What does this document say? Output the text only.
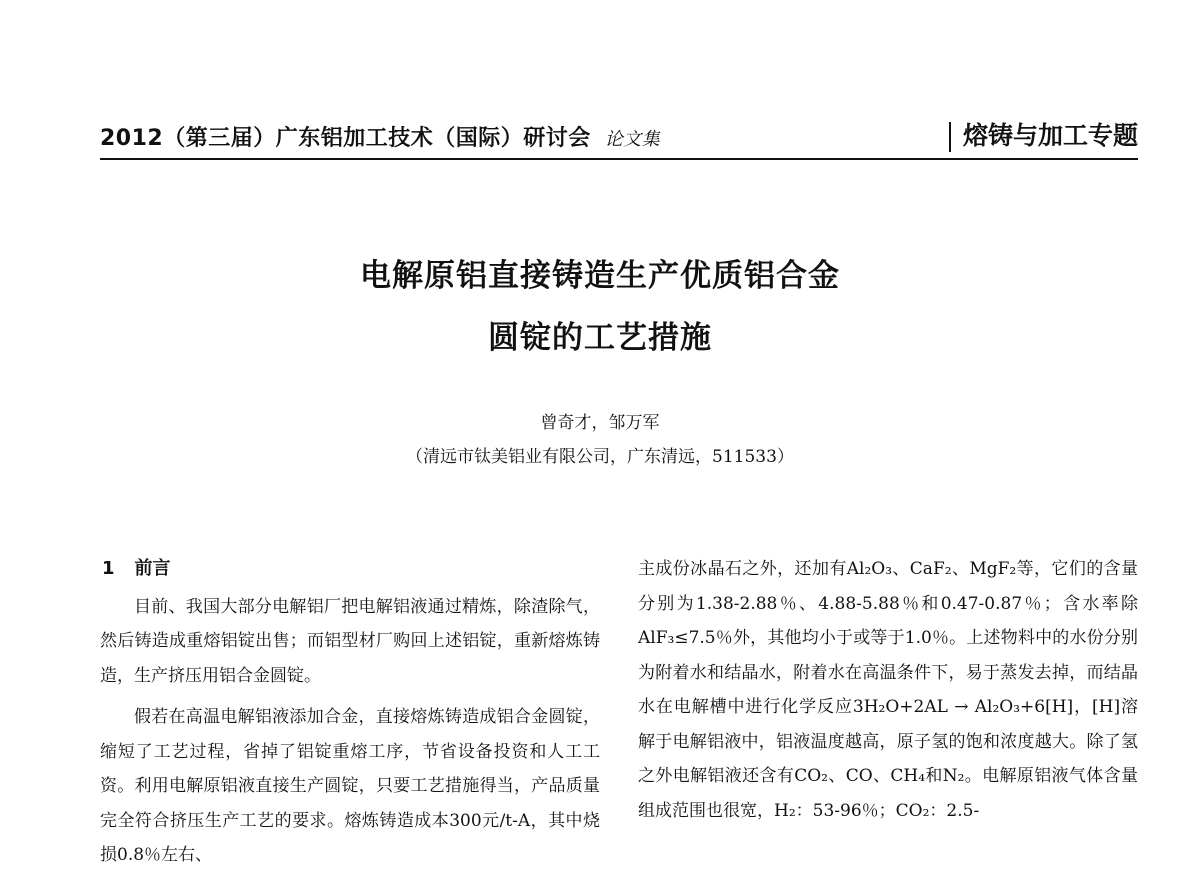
2012（第三届）广东铝加工技术（国际）研讨会 论文集	熔铸与加工专题
电解原铝直接铸造生产优质铝合金
圆锭的工艺措施
曾奇才，邹万军
（清远市钛美铝业有限公司，广东清远，511533）
1 前言

目前、我国大部分电解铝厂把电解铝液通过精炼，除渣除气，然后铸造成重熔铝锭出售；而铝型材厂购回上述铝锭，重新熔炼铸造，生产挤压用铝合金圆锭。

假若在高温电解铝液添加合金，直接熔炼铸造成铝合金圆锭，缩短了工艺过程，省掉了铝锭重熔工序，节省设备投资和人工工资。利用电解原铝液直接生产圆锭，只要工艺措施得当，产品质量完全符合挤压生产工艺的要求。熔炼铸造成本300元/t-A，其中烧损0.8％左右、

主成份冰晶石之外，还加有Al₂O₃、CaF₂、MgF₂等，它们的含量分别为1.38-2.88％、4.88-5.88％和0.47-0.87％；含水率除AlF₃≤7.5％外，其他均小于或等于1.0％。上述物料中的水份分别为附着水和结晶水，附着水在高温条件下，易于蒸发去掉，而结晶水在电解槽中进行化学反应3H₂O+2AL → Al₂O₃+6[H]，[H]溶解于电解铝液中，铝液温度越高，原子氢的饱和浓度越大。除了氢之外电解铝液还含有CO₂、CO、CH₄和N₂。电解原铝液气体含量组成范围也很宽，H₂：53-96％；CO₂：2.5-
